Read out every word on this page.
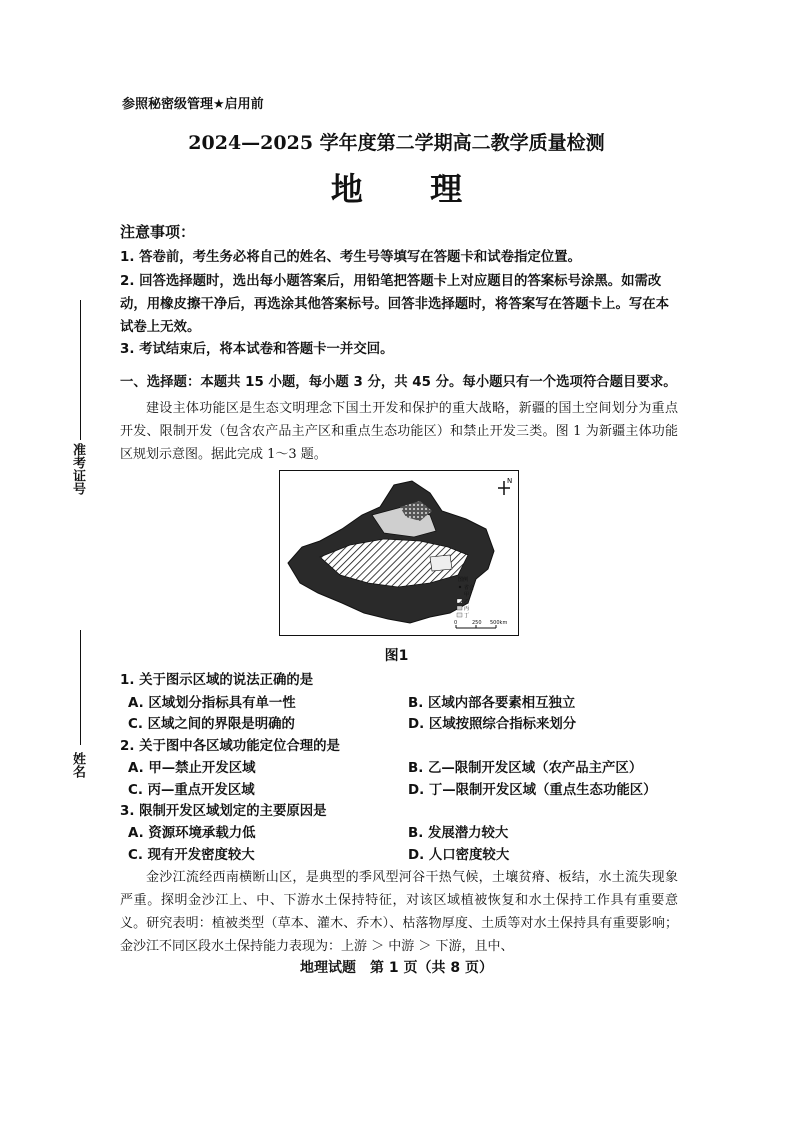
准考证号
姓名
参照秘密级管理★启用前
2024—2025 学年度第二学期高二教学质量检测
地 理
注意事项：
1. 答卷前，考生务必将自己的姓名、考生号等填写在答题卡和试卷指定位置。
2. 回答选择题时，选出每小题答案后，用铅笔把答题卡上对应题目的答案标号涂黑。如需改动，用橡皮擦干净后，再选涂其他答案标号。回答非选择题时，将答案写在答题卡上。写在本试卷上无效。
3. 考试结束后，将本试卷和答题卡一并交回。
一、选择题：本题共 15 小题，每小题 3 分，共 45 分。每小题只有一个选项符合题目要求。
建设主体功能区是生态文明理念下国土开发和保护的重大战略，新疆的国土空间划分为重点开发、限制开发（包含农产品主产区和重点生态功能区）和禁止开发三类。图 1 为新疆主体功能区规划示意图。据此完成 1～3 题。
N
图例
省会
甲
乙
丙
丁
0	250 500km
图1
1. 关于图示区域的说法正确的是
A. 区域划分指标具有单一性	B. 区域内部各要素相互独立
C. 区域之间的界限是明确的	D. 区域按照综合指标来划分
2. 关于图中各区域功能定位合理的是
A. 甲—禁止开发区域	B. 乙—限制开发区域（农产品主产区）
C. 丙—重点开发区域	D. 丁—限制开发区域（重点生态功能区）
3. 限制开发区域划定的主要原因是
A. 资源环境承载力低	B. 发展潜力较大
C. 现有开发密度较大	D. 人口密度较大
金沙江流经西南横断山区，是典型的季风型河谷干热气候，土壤贫瘠、板结，水土流失现象严重。探明金沙江上、中、下游水土保持特征，对该区域植被恢复和水土保持工作具有重要意义。研究表明：植被类型（草本、灌木、乔木）、枯落物厚度、土质等对水土保持具有重要影响；金沙江不同区段水土保持能力表现为：上游 ＞ 中游 ＞ 下游，且中、
地理试题　第 1 页（共 8 页）
